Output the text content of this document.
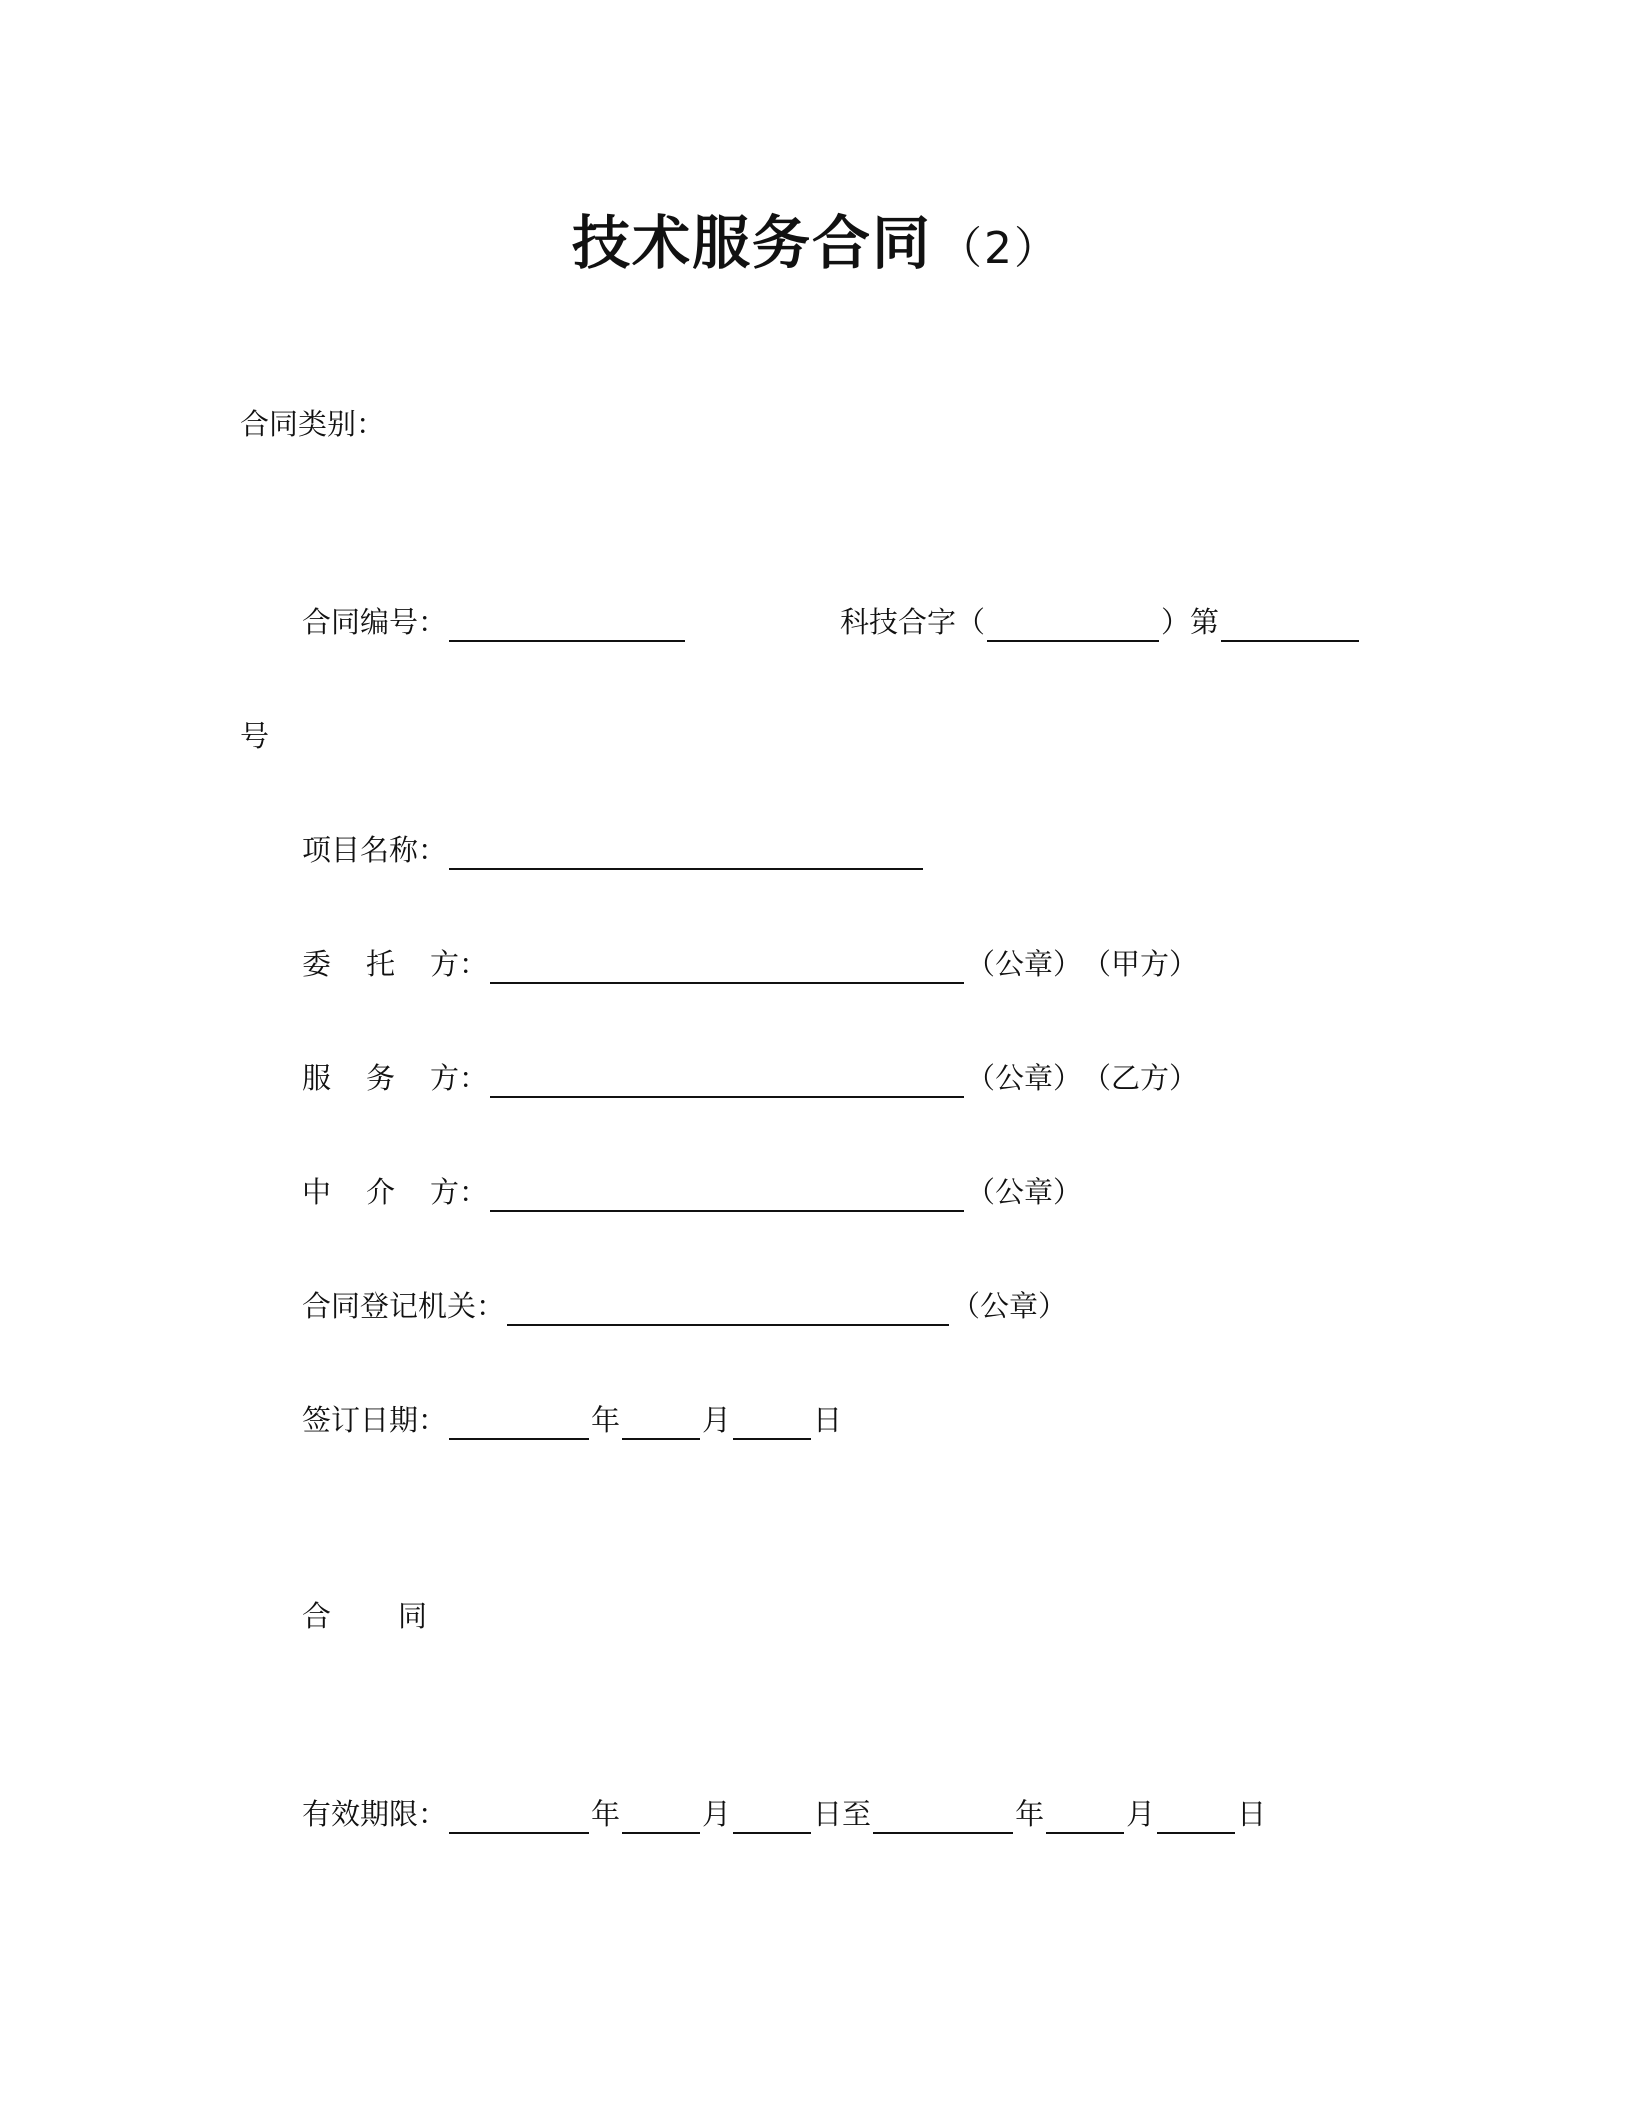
技术服务合同 （2）
合同类别：
合同编号：	科技合字（	）第
号
项目名称：
委	托	方：	（公章） （甲方）
服	务	方：	（公章） （乙方）
中	介	方：	（公章）
合同登记机关：	（公章）
签订日期：	年	月	日
合	同
有效期限：	年	月	日至	年	月	日
